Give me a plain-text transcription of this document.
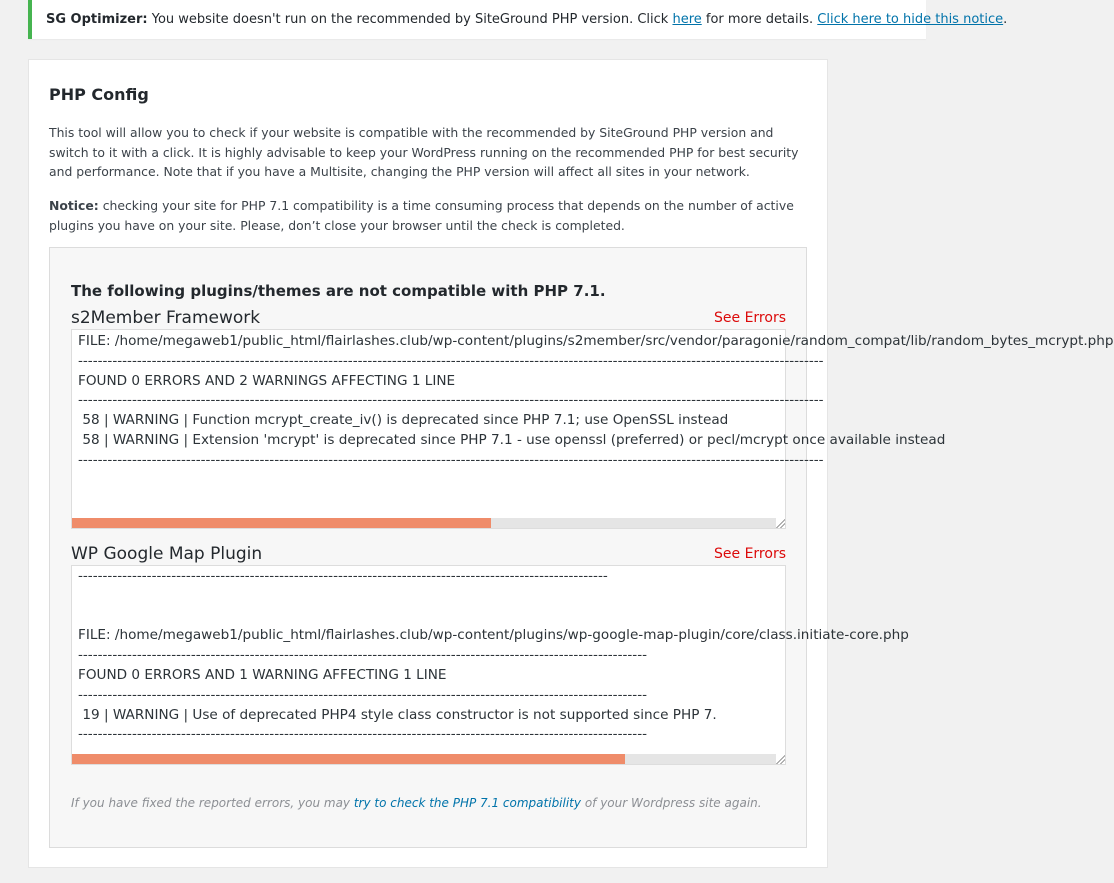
SG Optimizer: You website doesn't run on the recommended by SiteGround PHP version. Click here for more details. Click here to hide this notice.
PHP Config

This tool will allow you to check if your website is compatible with the recommended by SiteGround PHP version and switch to it with a click. It is highly advisable to keep your WordPress running on the recommended PHP for best security and performance. Note that if you have a Multisite, changing the PHP version will affect all sites in your network.

Notice: checking your site for PHP 7.1 compatibility is a time consuming process that depends on the number of active plugins you have on your site. Please, don’t close your browser until the check is completed.

The following plugins/themes are not compatible with PHP 7.1.
s2Member Framework	See Errors
FILE: /home/megaweb1/public_html/flairlashes.club/wp-content/plugins/s2member/src/vendor/paragonie/random_compat/lib/random_bytes_mcrypt.php
--------------------------------------------------------------------------------------------------------------------------------------------------------
FOUND 0 ERRORS AND 2 WARNINGS AFFECTING 1 LINE
--------------------------------------------------------------------------------------------------------------------------------------------------------
58 | WARNING | Function mcrypt_create_iv() is deprecated since PHP 7.1; use OpenSSL instead
58 | WARNING | Extension 'mcrypt' is deprecated since PHP 7.1 - use openssl (preferred) or pecl/mcrypt once available instead
--------------------------------------------------------------------------------------------------------------------------------------------------------
WP Google Map Plugin	See Errors
------------------------------------------------------------------------------------------------------------

FILE: /home/megaweb1/public_html/flairlashes.club/wp-content/plugins/wp-google-map-plugin/core/class.initiate-core.php
--------------------------------------------------------------------------------------------------------------------
FOUND 0 ERRORS AND 1 WARNING AFFECTING 1 LINE
--------------------------------------------------------------------------------------------------------------------
19 | WARNING | Use of deprecated PHP4 style class constructor is not supported since PHP 7.
--------------------------------------------------------------------------------------------------------------------
If you have fixed the reported errors, you may try to check the PHP 7.1 compatibility of your Wordpress site again.
